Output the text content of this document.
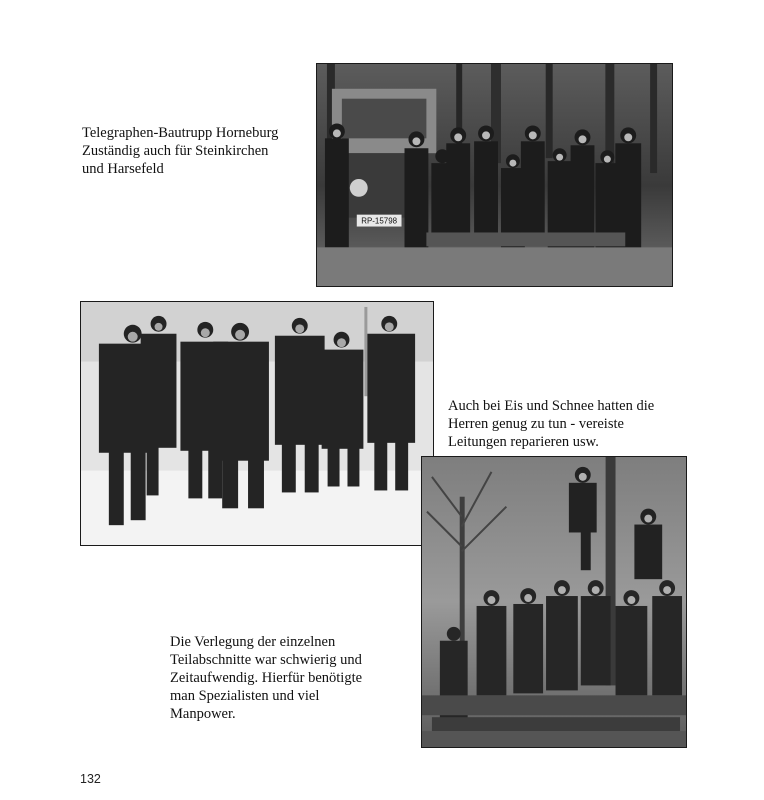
Telegraphen-Bautrupp Horneburg
Zuständig auch für Steinkirchen
und Harsefeld
Auch bei Eis und Schnee hatten die
Herren genug zu tun - vereiste
Leitungen reparieren usw.
Die Verlegung der einzelnen
Teilabschnitte war schwierig und
Zeitaufwendig. Hierfür benötigte
man Spezialisten und viel
Manpower.
RP-15798
132
